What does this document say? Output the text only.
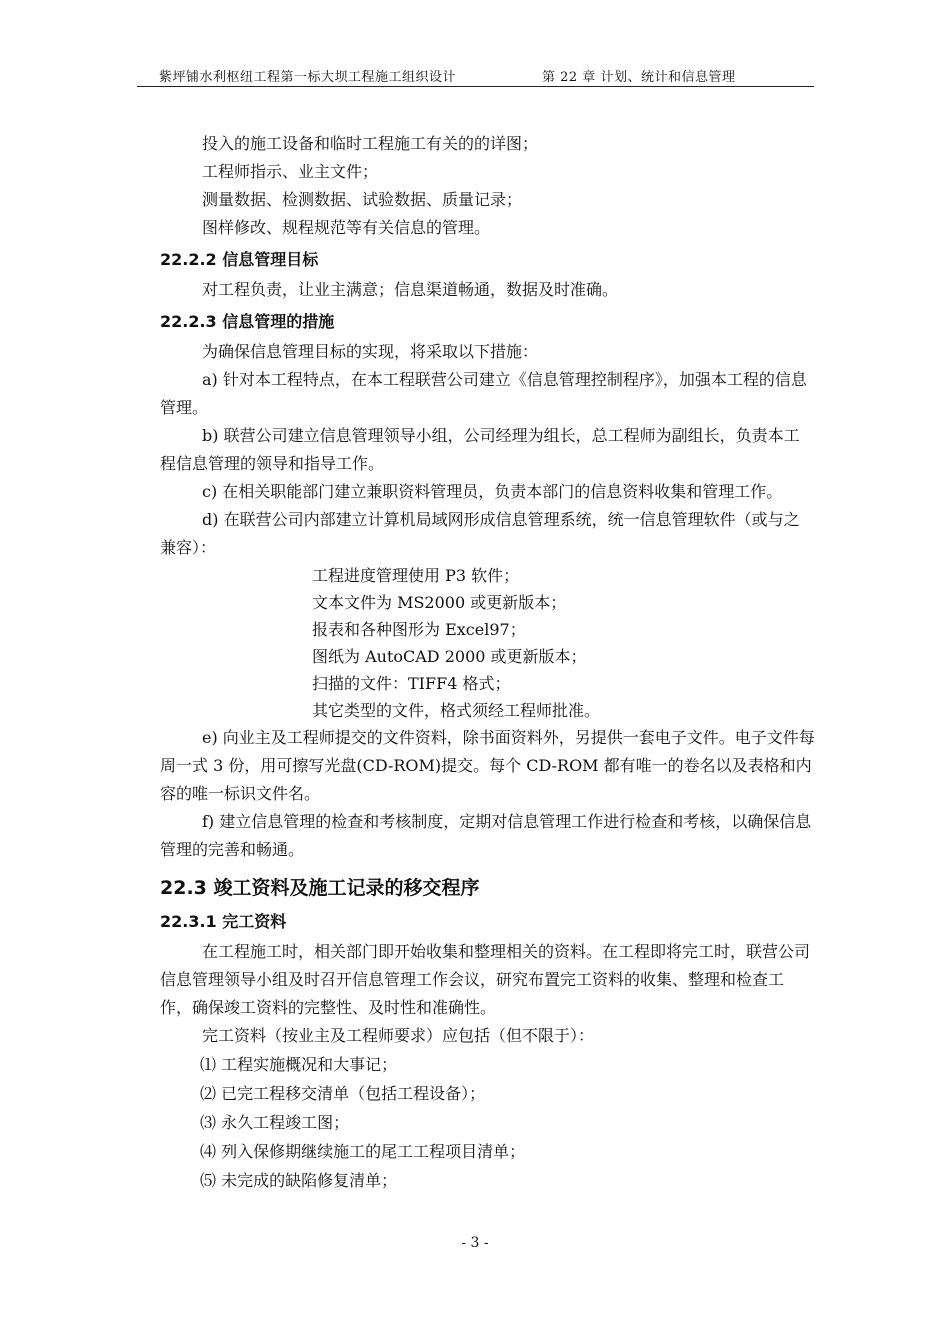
紫坪铺水利枢纽工程第一标大坝工程施工组织设计	第 22 章 计划、统计和信息管理

投入的施工设备和临时工程施工有关的的详图；

工程师指示、业主文件；

测量数据、检测数据、试验数据、质量记录；

图样修改、规程规范等有关信息的管理。

22.2.2 信息管理目标

对工程负责，让业主满意；信息渠道畅通，数据及时准确。

22.2.3 信息管理的措施

为确保信息管理目标的实现，将采取以下措施：

a) 针对本工程特点，在本工程联营公司建立《信息管理控制程序》，加强本工程的信息管理。

b) 联营公司建立信息管理领导小组，公司经理为组长，总工程师为副组长，负责本工程信息管理的领导和指导工作。

c) 在相关职能部门建立兼职资料管理员，负责本部门的信息资料收集和管理工作。

d) 在联营公司内部建立计算机局域网形成信息管理系统，统一信息管理软件（或与之兼容）：

工程进度管理使用 P3 软件；

文本文件为 MS2000 或更新版本；

报表和各种图形为 Excel97；

图纸为 AutoCAD 2000 或更新版本；

扫描的文件：TIFF4 格式；

其它类型的文件，格式须经工程师批准。

e) 向业主及工程师提交的文件资料，除书面资料外，另提供一套电子文件。电子文件每周一式 3 份，用可擦写光盘(CD-ROM)提交。每个 CD-ROM 都有唯一的卷名以及表格和内容的唯一标识文件名。

f) 建立信息管理的检查和考核制度，定期对信息管理工作进行检查和考核，以确保信息管理的完善和畅通。

22.3 竣工资料及施工记录的移交程序
22.3.1 完工资料

在工程施工时，相关部门即开始收集和整理相关的资料。在工程即将完工时，联营公司信息管理领导小组及时召开信息管理工作会议，研究布置完工资料的收集、整理和检查工作，确保竣工资料的完整性、及时性和准确性。

完工资料（按业主及工程师要求）应包括（但不限于）：

⑴ 工程实施概况和大事记；

⑵ 已完工程移交清单（包括工程设备）；

⑶ 永久工程竣工图；

⑷ 列入保修期继续施工的尾工工程项目清单；

⑸ 未完成的缺陷修复清单；

- 3 -
